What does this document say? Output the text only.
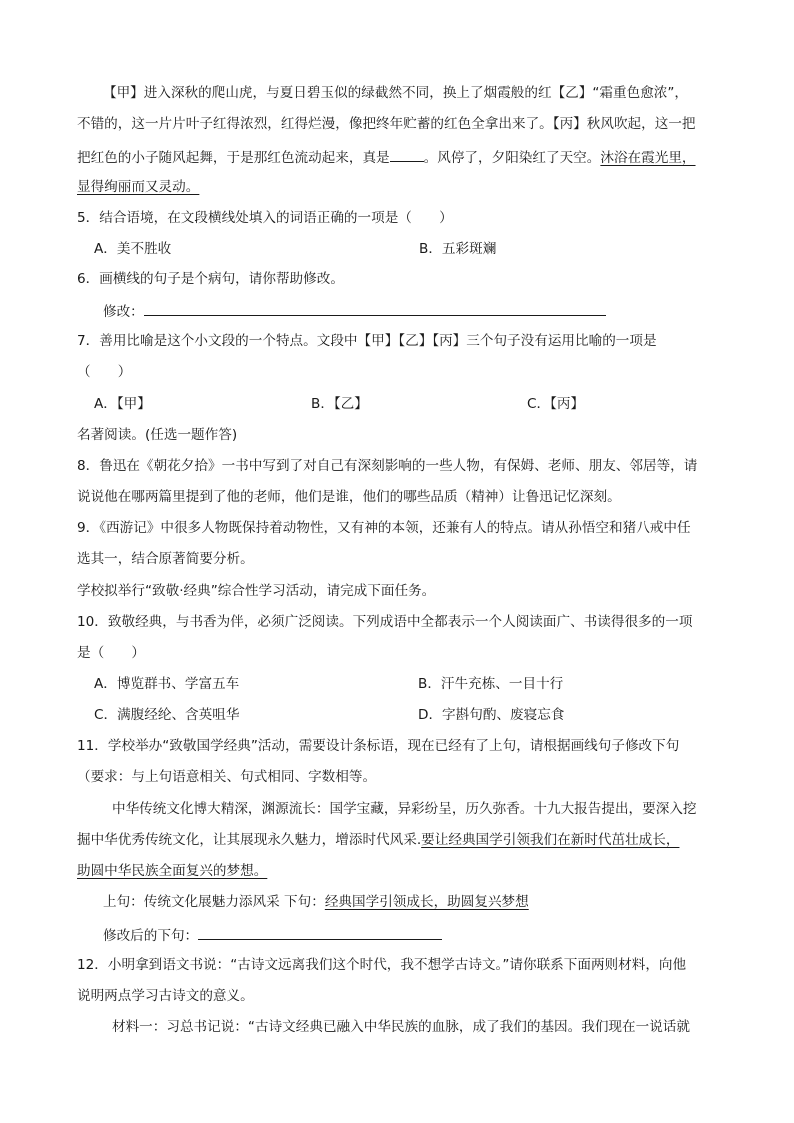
【甲】进入深秋的爬山虎，与夏日碧玉似的绿截然不同，换上了烟霞般的红【乙】“霜重色愈浓”，
不错的，这一片片叶子红得浓烈，红得烂漫，像把终年贮蓄的红色全拿出来了。【丙】秋风吹起，这一把
把红色的小子随风起舞，于是那红色流动起来，真是	。风停了，夕阳染红了天空。沐浴在霞光里，
显得绚丽而又灵动。
5．结合语境，在文段横线处填入的词语正确的一项是（　　）
A．美不胜收	B．五彩斑斓
6．画横线的句子是个病句，请你帮助修改。
修改：
7．善用比喻是这个小文段的一个特点。文段中【甲】【乙】【丙】三个句子没有运用比喻的一项是
（　　）
A．【甲】	B．【乙】	C．【丙】
名著阅读。(任选一题作答)
8．鲁迅在《朝花夕拾》一书中写到了对自己有深刻影响的一些人物，有保姆、老师、朋友、邻居等，请
说说他在哪两篇里提到了他的老师，他们是谁，他们的哪些品质（精神）让鲁迅记忆深刻。
9．《西游记》中很多人物既保持着动物性，又有神的本领，还兼有人的特点。请从孙悟空和猪八戒中任
选其一，结合原著简要分析。
学校拟举行“致敬·经典”综合性学习活动，请完成下面任务。
10．致敬经典，与书香为伴，必须广泛阅读。下列成语中全都表示一个人阅读面广、书读得很多的一项
是（　　）
A．博览群书、学富五车	B．汗牛充栋、一目十行
C．满腹经纶、含英咀华	D．字斟句酌、废寝忘食
11．学校举办“致敬国学经典”活动，需要设计条标语，现在已经有了上句，请根据画线句子修改下句
（要求：与上句语意相关、句式相同、字数相等。
中华传统文化博大精深，渊源流长：国学宝藏，异彩纷呈，历久弥香。十九大报告提出，要深入挖
掘中华优秀传统文化，让其展现永久魅力，增添时代风采.要让经典国学引领我们在新时代茁壮成长，
助圆中华民族全面复兴的梦想。
上句：传统文化展魅力添风采 下句：经典国学引领成长，助圆复兴梦想
修改后的下句：
12．小明拿到语文书说：“古诗文远离我们这个时代，我不想学古诗文。”请你联系下面两则材料，向他
说明两点学习古诗文的意义。
材料一：习总书记说：“古诗文经典已融入中华民族的血脉，成了我们的基因。我们现在一说话就
